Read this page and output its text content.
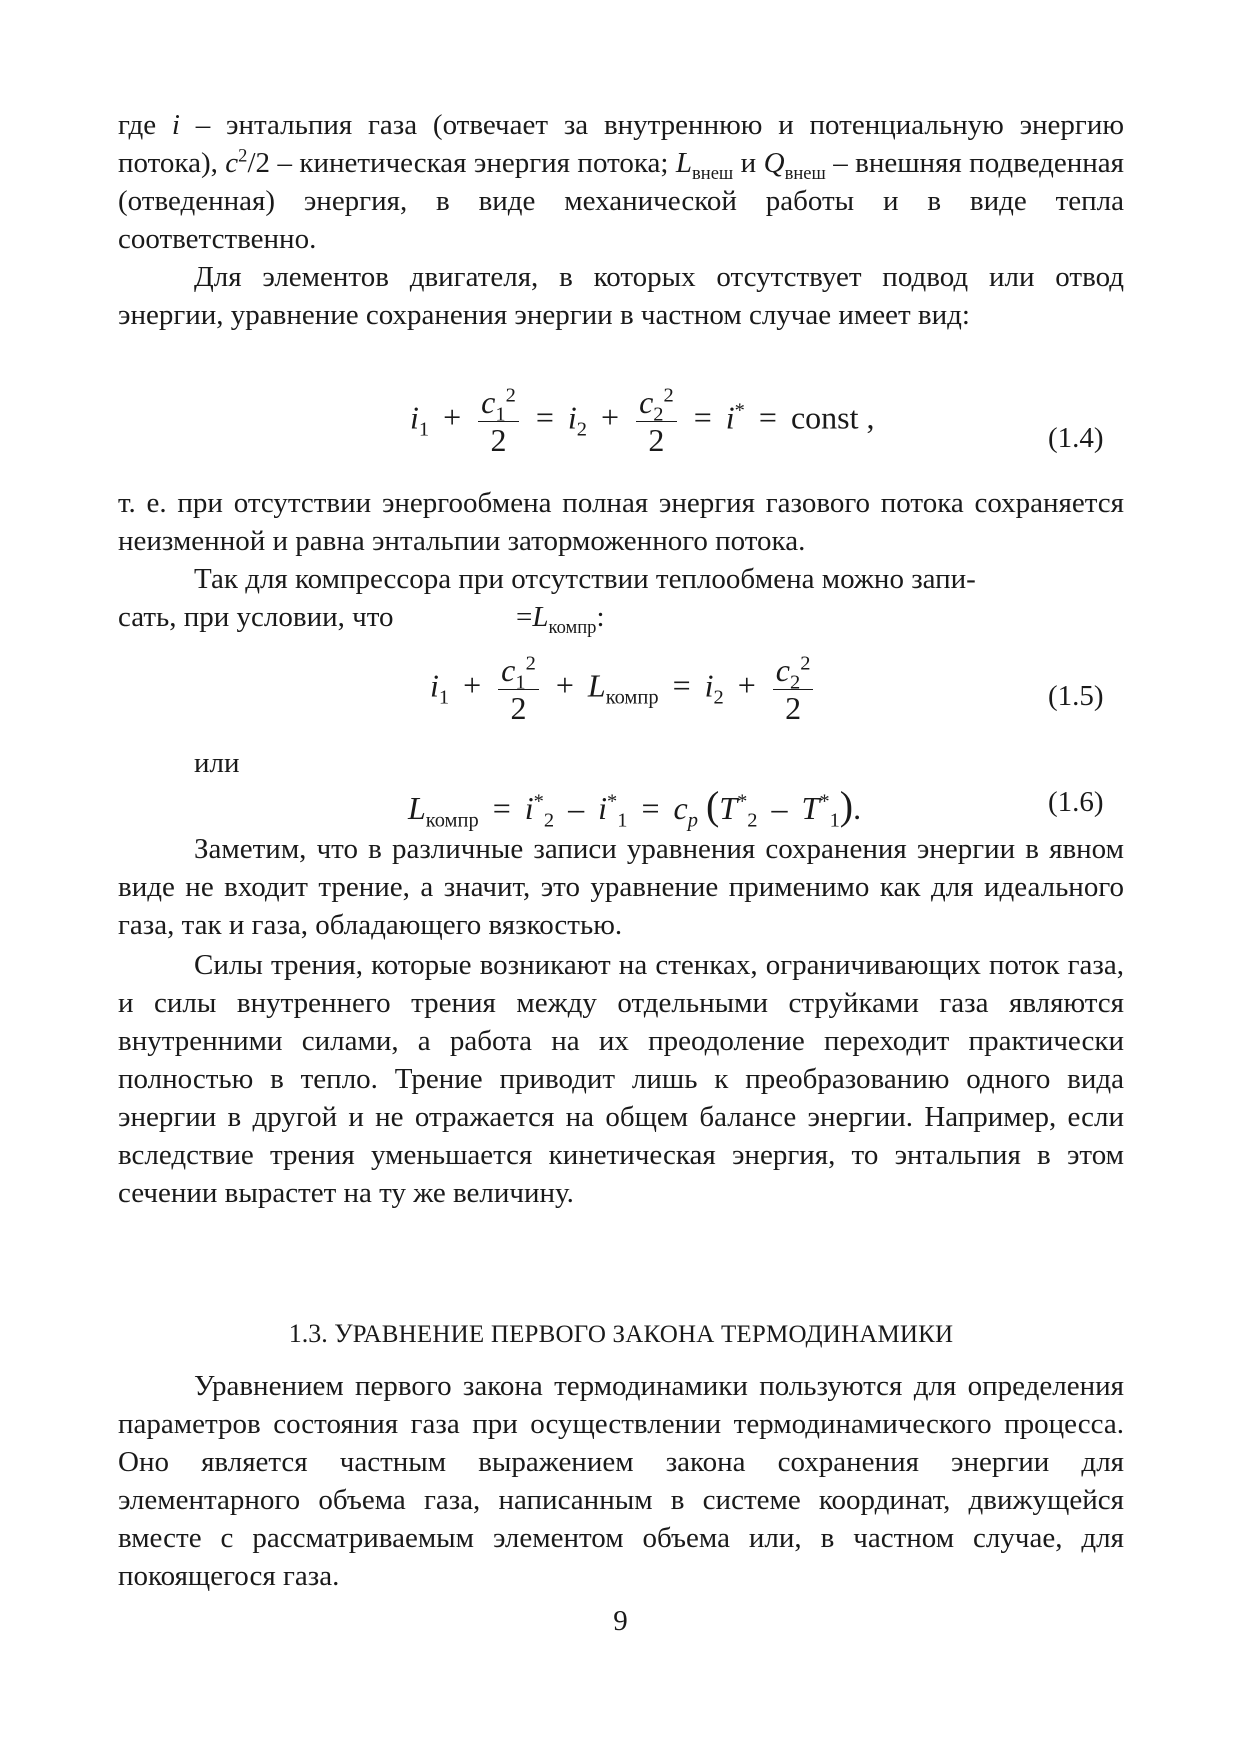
где i – энтальпия газа (отвечает за внутреннюю и потенциальную энергию потока), $c^2/2$ – кинетическая энергия потока; $L_{внеш}$ и $Q_{внеш}$ – внешняя подведенная (отведенная) энергия, в виде механической работы и в виде тепла соответственно.
Для элементов двигателя, в которых отсутствует подвод или отвод энергии, уравнение сохранения энергии в частном случае имеет вид:
$i_1 + \frac{c_1^2}{2} = i_2 + \frac{c_2^2}{2} = i^*$ = const ,
(1.4)
т. е. при отсутствии энергообмена полная энергия газового потока сохраняется неизменной и равна энтальпии заторможенного потока.
Так для компрессора при отсутствии теплообмена можно запи-
сать, при условии, что	$=L_{компр}$:
$i_1 + \frac{c_1^2}{2} + L_{компр} = i_2 + \frac{c_2^2}{2}$	(1.5)
или
$L_{компр} = i^*_2 - i^*_1 = c_p$ $(T^*_2 - T^*_1)$.	(1.6)
Заметим, что в различные записи уравнения сохранения энергии в явном виде не входит трение, а значит, это уравнение применимо как для идеального газа, так и газа, обладающего вязкостью.
Силы трения, которые возникают на стенках, ограничивающих поток газа, и силы внутреннего трения между отдельными струйками газа являются внутренними силами, а работа на их преодоление переходит практически полностью в тепло. Трение приводит лишь к преобразованию одного вида энергии в другой и не отражается на общем балансе энергии. Например, если вследствие трения уменьшается кинетическая энергия, то энтальпия в этом сечении вырастет на ту же величину.
1.3. УРАВНЕНИЕ ПЕРВОГО ЗАКОНА ТЕРМОДИНАМИКИ
Уравнением первого закона термодинамики пользуются для определения параметров состояния газа при осуществлении термодинамического процесса. Оно является частным выражением закона сохранения энергии для элементарного объема газа, написанным в системе координат, движущейся вместе с рассматриваемым элементом объема или, в частном случае, для покоящегося газа.
9
